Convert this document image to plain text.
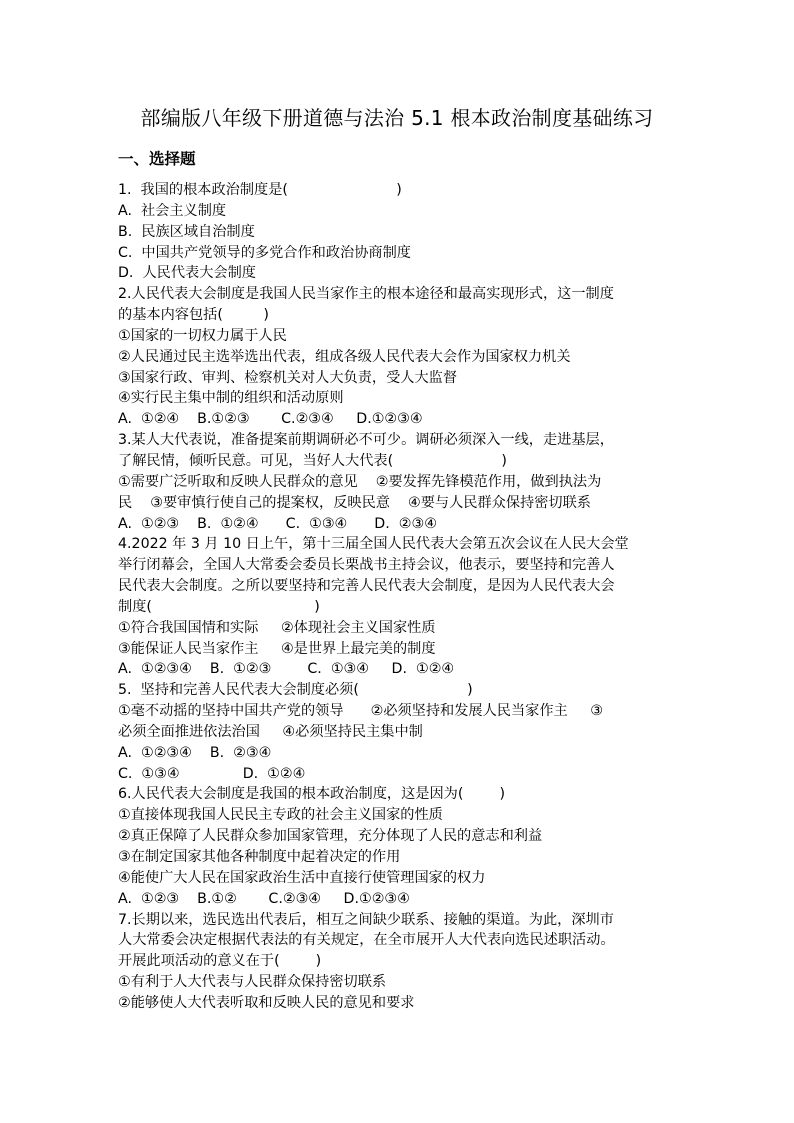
部编版八年级下册道德与法治 5.1 根本政治制度基础练习
一、选择题
1.  我国的根本政治制度是(                        )
A.  社会主义制度
B.  民族区域自治制度
C.  中国共产党领导的多党合作和政治协商制度
D.  人民代表大会制度
2.人民代表大会制度是我国人民当家作主的根本途径和最高实现形式，这一制度
的基本内容包括(         )
①国家的一切权力属于人民
②人民通过民主选举选出代表，组成各级人民代表大会作为国家权力机关
③国家行政、审判、检察机关对人大负责，受人大监督
④实行民主集中制的组织和活动原则
A.  ①②④    B.①②③       C.②③④     D.①②③④
3.某人大代表说，准备提案前期调研必不可少。调研必须深入一线，走进基层，
了解民情，倾听民意。可见，当好人大代表(                        )
①需要广泛听取和反映人民群众的意见    ②要发挥先锋模范作用，做到执法为
民    ③要审慎行使自己的提案权，反映民意    ④要与人民群众保持密切联系
A.  ①②③    B.  ①②④      C.  ①③④      D.  ②③④
4.2022 年 3 月 10 日上午，第十三届全国人民代表大会第五次会议在人民大会堂
举行闭幕会，全国人大常委会委员长栗战书主持会议，他表示，要坚持和完善人
民代表大会制度。之所以要坚持和完善人民代表大会制度，是因为人民代表大会
制度(                                    )
①符合我国国情和实际     ②体现社会主义国家性质
③能保证人民当家作主     ④是世界上最完美的制度
A.  ①②③④    B.  ①②③        C.  ①③④     D.  ①②④
5.  坚持和完善人民代表大会制度必须(                        )
①毫不动摇的坚持中国共产党的领导      ②必须坚持和发展人民当家作主     ③
必须全面推进依法治国     ④必须坚持民主集中制
A.  ①②③④    B.  ②③④
C.  ①③④              D.  ①②④
6.人民代表大会制度是我国的根本政治制度，这是因为(        )
①直接体现我国人民民主专政的社会主义国家的性质
②真正保障了人民群众参加国家管理，充分体现了人民的意志和利益
③在制定国家其他各种制度中起着决定的作用
④能使广大人民在国家政治生活中直接行使管理国家的权力
A.  ①②③    B.①②       C.②③④     D.①②③④
7.长期以来，选民选出代表后，相互之间缺少联系、接触的渠道。为此，深圳市
人大常委会决定根据代表法的有关规定，在全市展开人大代表向选民述职活动。
开展此项活动的意义在于(        )
①有利于人大代表与人民群众保持密切联系
②能够使人大代表听取和反映人民的意见和要求
